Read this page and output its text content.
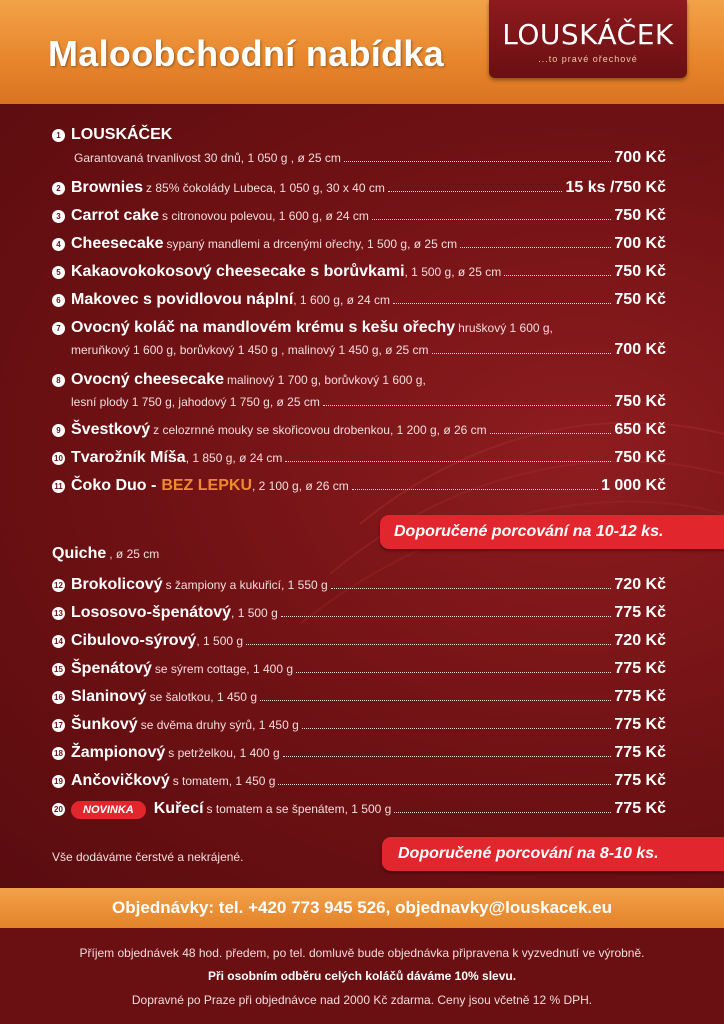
Maloobchodní nabídka	LOUSKÁČEK
...to pravé ořechové
1 LOUSKÁČEK
Garantovaná trvanlivost 30 dnů, 1 050 g , ø 25 cm	700 Kč
2 Brownies z 85% čokolády Lubeca, 1 050 g, 30 x 40 cm	15 ks /750 Kč
3 Carrot cake s citronovou polevou, 1 600 g, ø 24 cm	750 Kč
4 Cheesecake sypaný mandlemi a drcenými ořechy, 1 500 g, ø 25 cm	700 Kč
5 Kakaovokokosový cheesecake s borůvkami , 1 500 g, ø 25 cm	750 Kč
6 Makovec s povidlovou náplní , 1 600 g, ø 24 cm	750 Kč
7 Ovocný koláč na mandlovém krému s kešu ořechy hruškový 1 600 g,
meruňkový 1 600 g, borůvkový 1 450 g , malinový 1 450 g, ø 25 cm	700 Kč
8 Ovocný cheesecake malinový 1 700 g, borůvkový 1 600 g,
lesní plody 1 750 g, jahodový 1 750 g, ø 25 cm	750 Kč
9 Švestkový z celozrnné mouky se skořicovou drobenkou, 1 200 g, ø 26 cm	650 Kč
10 Tvarožník Míša , 1 850 g, ø 24 cm	750 Kč
11 Čoko Duo - BEZ LEPKU , 2 100 g, ø 26 cm	1 000 Kč
Doporučené porcování na 10-12 ks.
Quiche , ø 25 cm
12 Brokolicový s žampiony a kukuřicí, 1 550 g	720 Kč
13 Lososovo-špenátový , 1 500 g	775 Kč
14 Cibulovo-sýrový , 1 500 g	720 Kč
15 Špenátový se sýrem cottage, 1 400 g	775 Kč
16 Slaninový se šalotkou, 1 450 g	775 Kč
17 Šunkový se dvěma druhy sýrů, 1 450 g	775 Kč
18 Žampionový s petrželkou, 1 400 g	775 Kč
19 Ančovičkový s tomatem, 1 450 g	775 Kč
20	NOVINKA	Kuřecí s tomatem a se špenátem, 1 500 g	775 Kč
Vše dodáváme čerstvé a nekrájené.	Doporučené porcování na 8-10 ks.
Objednávky: tel. +420 773 945 526, objednavky@louskacek.eu
Příjem objednávek 48 hod. předem, po tel. domluvě bude objednávka připravena k vyzvednutí ve výrobně.
Při osobním odběru celých koláčů dáváme 10% slevu.
Dopravné po Praze při objednávce nad 2000 Kč zdarma. Ceny jsou včetně 12 % DPH.
